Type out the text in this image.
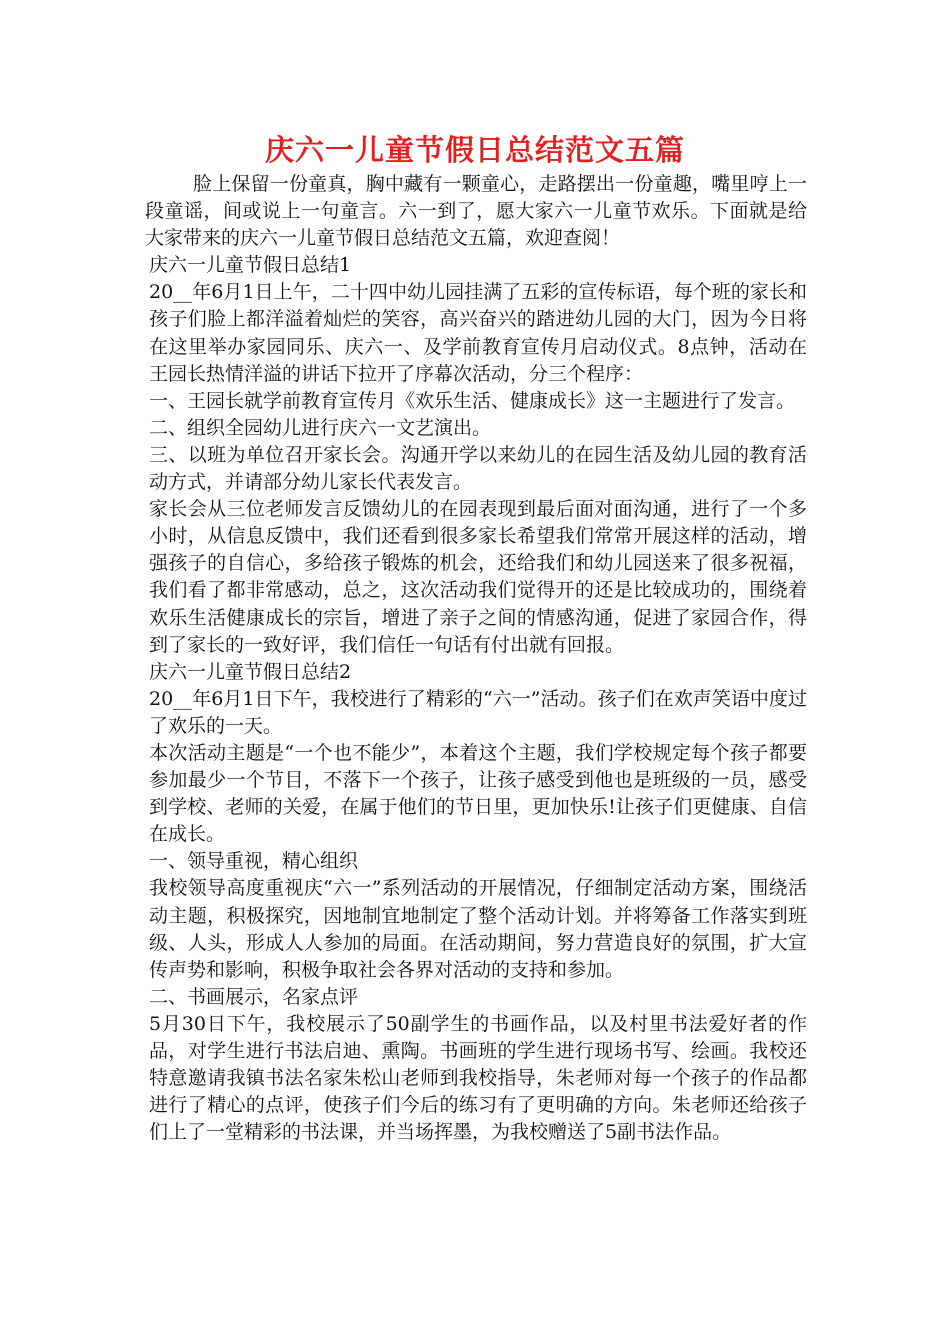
庆六一儿童节假日总结范文五篇

脸上保留一份童真，胸中藏有一颗童心，走路摆出一份童趣，嘴里哼上一段童谣，间或说上一句童言。六一到了，愿大家六一儿童节欢乐。下面就是给大家带来的庆六一儿童节假日总结范文五篇，欢迎查阅！

庆六一儿童节假日总结1

20__年6月1日上午，二十四中幼儿园挂满了五彩的宣传标语，每个班的家长和孩子们脸上都洋溢着灿烂的笑容，高兴奋兴的踏进幼儿园的大门，因为今日将在这里举办家园同乐、庆六一、及学前教育宣传月启动仪式。8点钟，活动在王园长热情洋溢的讲话下拉开了序幕次活动，分三个程序：

一、王园长就学前教育宣传月《欢乐生活、健康成长》这一主题进行了发言。

二、组织全园幼儿进行庆六一文艺演出。

三、以班为单位召开家长会。沟通开学以来幼儿的在园生活及幼儿园的教育活动方式，并请部分幼儿家长代表发言。

家长会从三位老师发言反馈幼儿的在园表现到最后面对面沟通，进行了一个多小时，从信息反馈中，我们还看到很多家长希望我们常常开展这样的活动，增强孩子的自信心，多给孩子锻炼的机会，还给我们和幼儿园送来了很多祝福，我们看了都非常感动，总之，这次活动我们觉得开的还是比较成功的，围绕着欢乐生活健康成长的宗旨，增进了亲子之间的情感沟通，促进了家园合作，得到了家长的一致好评，我们信任一句话有付出就有回报。

庆六一儿童节假日总结2

20__年6月1日下午，我校进行了精彩的“六一”活动。孩子们在欢声笑语中度过了欢乐的一天。

本次活动主题是“一个也不能少”，本着这个主题，我们学校规定每个孩子都要参加最少一个节目，不落下一个孩子，让孩子感受到他也是班级的一员，感受到学校、老师的关爱，在属于他们的节日里，更加快乐!让孩子们更健康、自信在成长。

一、领导重视，精心组织

我校领导高度重视庆“六一”系列活动的开展情况，仔细制定活动方案，围绕活动主题，积极探究，因地制宜地制定了整个活动计划。并将筹备工作落实到班级、人头，形成人人参加的局面。在活动期间，努力营造良好的氛围，扩大宣传声势和影响，积极争取社会各界对活动的支持和参加。

二、书画展示，名家点评

5月30日下午，我校展示了50副学生的书画作品，以及村里书法爱好者的作品，对学生进行书法启迪、熏陶。书画班的学生进行现场书写、绘画。我校还特意邀请我镇书法名家朱松山老师到我校指导，朱老师对每一个孩子的作品都进行了精心的点评，使孩子们今后的练习有了更明确的方向。朱老师还给孩子们上了一堂精彩的书法课，并当场挥墨，为我校赠送了5副书法作品。
